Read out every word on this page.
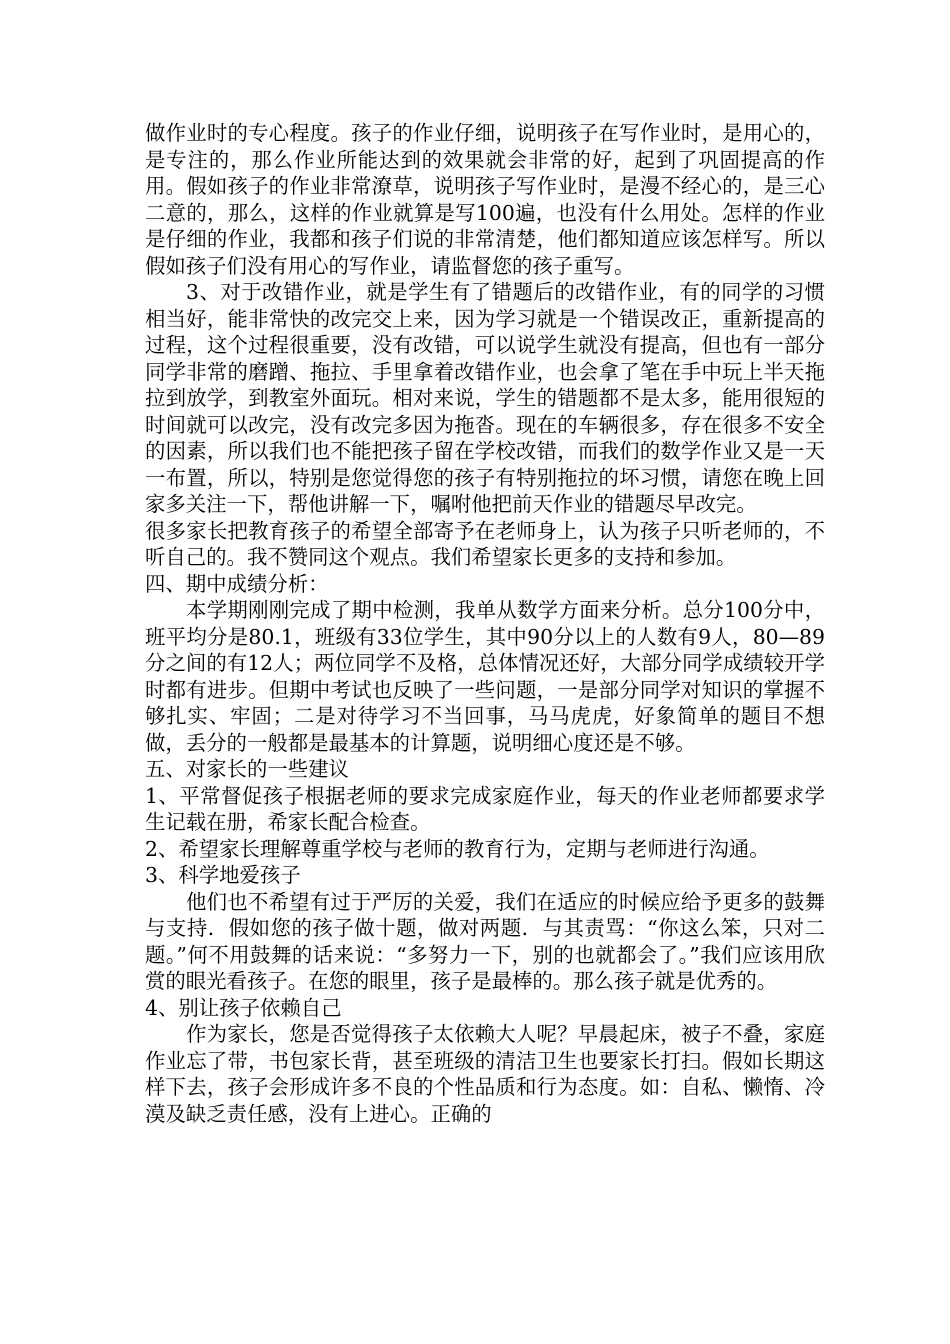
做作业时的专心程度。孩子的作业仔细，说明孩子在写作业时，是用心的，是专注的，那么作业所能达到的效果就会非常的好，起到了巩固提高的作用。假如孩子的作业非常潦草，说明孩子写作业时，是漫不经心的，是三心二意的，那么，这样的作业就算是写100遍，也没有什么用处。怎样的作业是仔细的作业，我都和孩子们说的非常清楚，他们都知道应该怎样写。所以假如孩子们没有用心的写作业，请监督您的孩子重写。

3、对于改错作业，就是学生有了错题后的改错作业，有的同学的习惯相当好，能非常快的改完交上来，因为学习就是一个错误改正，重新提高的过程，这个过程很重要，没有改错，可以说学生就没有提高，但也有一部分同学非常的磨蹭、拖拉、手里拿着改错作业，也会拿了笔在手中玩上半天拖拉到放学，到教室外面玩。相对来说，学生的错题都不是太多，能用很短的时间就可以改完，没有改完多因为拖沓。现在的车辆很多，存在很多不安全的因素，所以我们也不能把孩子留在学校改错，而我们的数学作业又是一天一布置，所以，特别是您觉得您的孩子有特别拖拉的坏习惯，请您在晚上回家多关注一下，帮他讲解一下，嘱咐他把前天作业的错题尽早改完。

很多家长把教育孩子的希望全部寄予在老师身上，认为孩子只听老师的，不听自己的。我不赞同这个观点。我们希望家长更多的支持和参加。

四、期中成绩分析：

本学期刚刚完成了期中检测，我单从数学方面来分析。总分100分中，班平均分是80.1，班级有33位学生，其中90分以上的人数有9人，80—89分之间的有12人；两位同学不及格，总体情况还好，大部分同学成绩较开学时都有进步。但期中考试也反映了一些问题，一是部分同学对知识的掌握不够扎实、牢固；二是对待学习不当回事，马马虎虎，好象简单的题目不想做，丢分的一般都是最基本的计算题，说明细心度还是不够。

五、对家长的一些建议

1、平常督促孩子根据老师的要求完成家庭作业，每天的作业老师都要求学生记载在册，希家长配合检查。

2、希望家长理解尊重学校与老师的教育行为，定期与老师进行沟通。

3、科学地爱孩子

他们也不希望有过于严厉的关爱，我们在适应的时候应给予更多的鼓舞与支持．假如您的孩子做十题，做对两题．与其责骂：“你这么笨，只对二题。”何不用鼓舞的话来说：“多努力一下，别的也就都会了。”我们应该用欣赏的眼光看孩子。在您的眼里，孩子是最棒的。那么孩子就是优秀的。

4、别让孩子依赖自己

作为家长，您是否觉得孩子太依赖大人呢？早晨起床，被子不叠，家庭作业忘了带，书包家长背，甚至班级的清洁卫生也要家长打扫。假如长期这样下去，孩子会形成许多不良的个性品质和行为态度。如：自私、懒惰、冷漠及缺乏责任感，没有上进心。正确的
